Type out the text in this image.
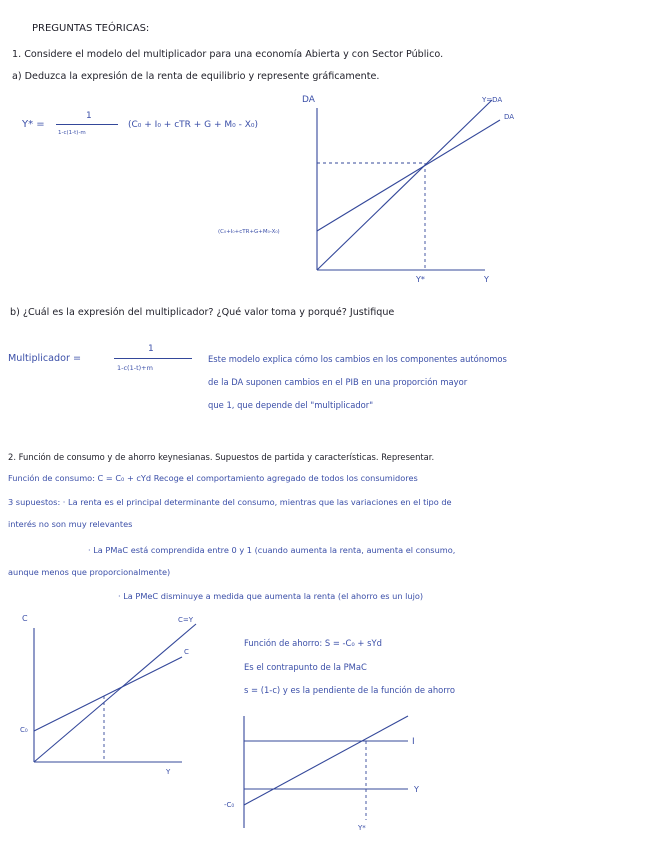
PREGUNTAS TEÓRICAS:
1. Considere el modelo del multiplicador para una economía Abierta y con Sector Público.
a) Deduzca la expresión de la renta de equilibrio y represente gráficamente.
Y* =
1
1-c(1-t)-m
(C₀ + I₀ + cTR + G + M₀ - X₀)
DA	Y=DA
DA
(C₀+I₀+cTR+G+M₀-X₀)
Y*	Y
b) ¿Cuál es la expresión del multiplicador? ¿Qué valor toma y porqué? Justifique
Multiplicador =
1
1-c(1-t)+m
Este modelo explica cómo los cambios en los componentes autónomos
de la DA suponen cambios en el PIB en una proporción mayor
que 1, que depende del "multiplicador"
2. Función de consumo y de ahorro keynesianas. Supuestos de partida y características. Representar.
Función de consumo: C = C₀ + cYd Recoge el comportamiento agregado de todos los consumidores
3 supuestos: · La renta es el principal determinante del consumo, mientras que las variaciones en el tipo de
interés no son muy relevantes
· La PMaC está comprendida entre 0 y 1 (cuando aumenta la renta, aumenta el consumo,
aunque menos que proporcionalmente)
· La PMeC disminuye a medida que aumenta la renta (el ahorro es un lujo)
C	C=Y
C
C₀
Y
Función de ahorro: S = -C₀ + sYd
Es el contrapunto de la PMaC
s = (1-c) y es la pendiente de la función de ahorro
I
Y
-C₀
Y*
